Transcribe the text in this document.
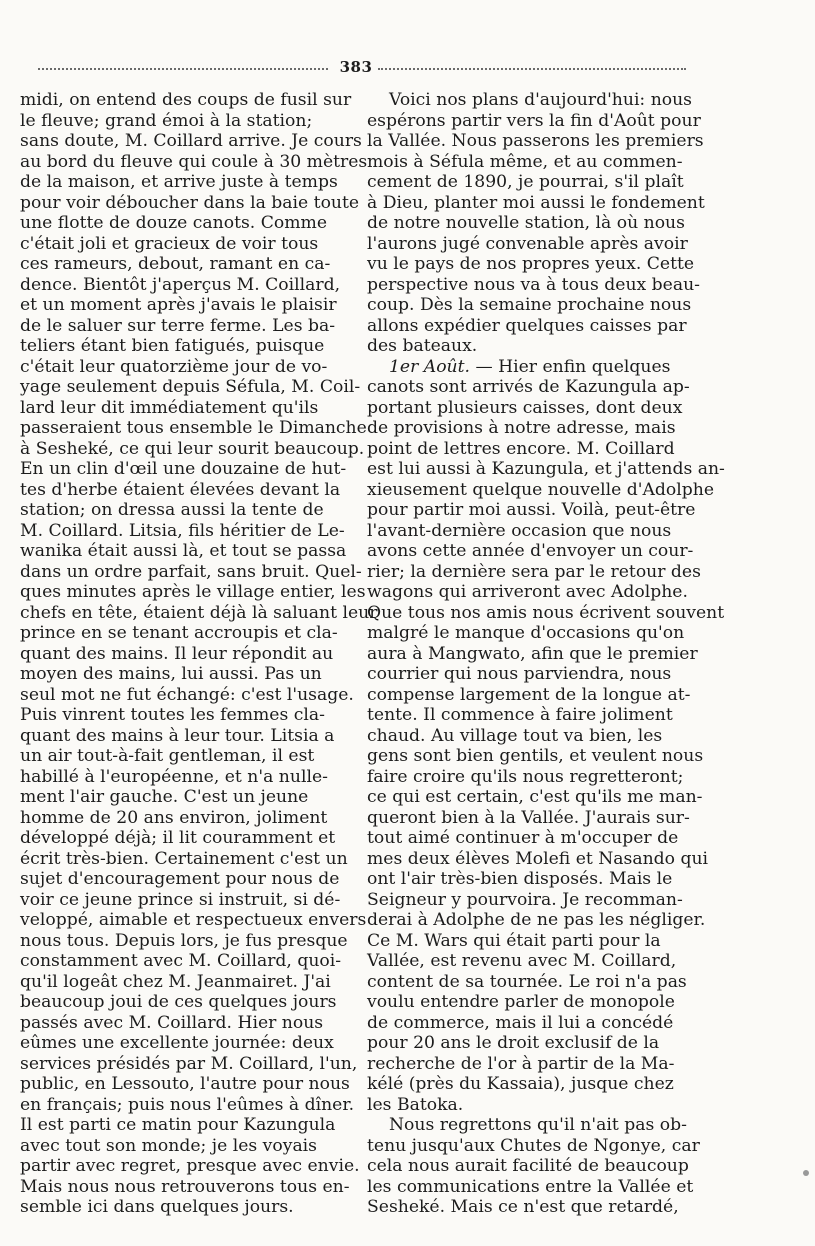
383
midi, on entend des coups de fusil sur
le fleuve; grand émoi à la station;
sans doute, M. Coillard arrive. Je cours
au bord du fleuve qui coule à 30 mètres
de la maison, et arrive juste à temps
pour voir déboucher dans la baie toute
une flotte de douze canots. Comme
c'était joli et gracieux de voir tous
ces rameurs, debout, ramant en ca-
dence. Bientôt j'aperçus M. Coillard,
et un moment après j'avais le plaisir
de le saluer sur terre ferme. Les ba-
teliers étant bien fatigués, puisque
c'était leur quatorzième jour de vo-
yage seulement depuis Séfula, M. Coil-
lard leur dit immédiatement qu'ils
passeraient tous ensemble le Dimanche
à Sesheké, ce qui leur sourit beaucoup.
En un clin d'œil une douzaine de hut-
tes d'herbe étaient élevées devant la
station; on dressa aussi la tente de
M. Coillard. Litsia, fils héritier de Le-
wanika était aussi là, et tout se passa
dans un ordre parfait, sans bruit. Quel-
ques minutes après le village entier, les
chefs en tête, étaient déjà là saluant leur
prince en se tenant accroupis et cla-
quant des mains. Il leur répondit au
moyen des mains, lui aussi. Pas un
seul mot ne fut échangé: c'est l'usage.
Puis vinrent toutes les femmes cla-
quant des mains à leur tour. Litsia a
un air tout-à-fait gentleman, il est
habillé à l'européenne, et n'a nulle-
ment l'air gauche. C'est un jeune
homme de 20 ans environ, joliment
développé déjà; il lit couramment et
écrit très-bien. Certainement c'est un
sujet d'encouragement pour nous de
voir ce jeune prince si instruit, si dé-
veloppé, aimable et respectueux envers
nous tous. Depuis lors, je fus presque
constamment avec M. Coillard, quoi-
qu'il logeât chez M. Jeanmairet. J'ai
beaucoup joui de ces quelques jours
passés avec M. Coillard. Hier nous
eûmes une excellente journée: deux
services présidés par M. Coillard, l'un,
public, en Lessouto, l'autre pour nous
en français; puis nous l'eûmes à dîner.
Il est parti ce matin pour Kazungula
avec tout son monde; je les voyais
partir avec regret, presque avec envie.
Mais nous nous retrouverons tous en-
semble ici dans quelques jours.
Voici nos plans d'aujourd'hui: nous
espérons partir vers la fin d'Août pour
la Vallée. Nous passerons les premiers
mois à Séfula même, et au commen-
cement de 1890, je pourrai, s'il plaît
à Dieu, planter moi aussi le fondement
de notre nouvelle station, là où nous
l'aurons jugé convenable après avoir
vu le pays de nos propres yeux. Cette
perspective nous va à tous deux beau-
coup. Dès la semaine prochaine nous
allons expédier quelques caisses par
des bateaux.
1er Août. — Hier enfin quelques
canots sont arrivés de Kazungula ap-
portant plusieurs caisses, dont deux
de provisions à notre adresse, mais
point de lettres encore. M. Coillard
est lui aussi à Kazungula, et j'attends an-
xieusement quelque nouvelle d'Adolphe
pour partir moi aussi. Voilà, peut-être
l'avant-dernière occasion que nous
avons cette année d'envoyer un cour-
rier; la dernière sera par le retour des
wagons qui arriveront avec Adolphe.
Que tous nos amis nous écrivent souvent
malgré le manque d'occasions qu'on
aura à Mangwato, afin que le premier
courrier qui nous parviendra, nous
compense largement de la longue at-
tente. Il commence à faire joliment
chaud. Au village tout va bien, les
gens sont bien gentils, et veulent nous
faire croire qu'ils nous regretteront;
ce qui est certain, c'est qu'ils me man-
queront bien à la Vallée. J'aurais sur-
tout aimé continuer à m'occuper de
mes deux élèves Molefi et Nasando qui
ont l'air très-bien disposés. Mais le
Seigneur y pourvoira. Je recomman-
derai à Adolphe de ne pas les négliger.
Ce M. Wars qui était parti pour la
Vallée, est revenu avec M. Coillard,
content de sa tournée. Le roi n'a pas
voulu entendre parler de monopole
de commerce, mais il lui a concédé
pour 20 ans le droit exclusif de la
recherche de l'or à partir de la Ma-
kélé (près du Kassaia), jusque chez
les Batoka.
Nous regrettons qu'il n'ait pas ob-
tenu jusqu'aux Chutes de Ngonye, car
cela nous aurait facilité de beaucoup
les communications entre la Vallée et
Sesheké. Mais ce n'est que retardé,
